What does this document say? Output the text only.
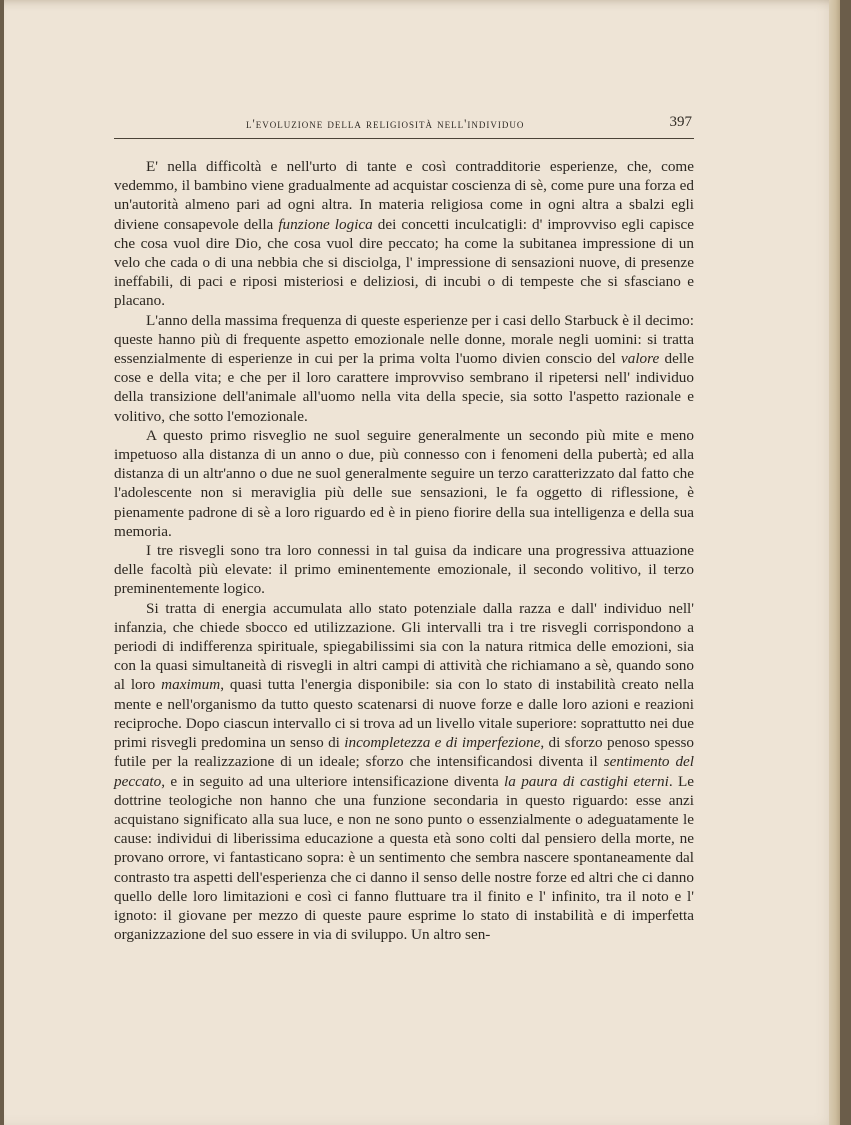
l'evoluzione della religiosità nell'individuo	397

E' nella difficoltà e nell'urto di tante e così contradditorie esperienze, che, come vedemmo, il bambino viene gradualmente ad acquistar coscienza di sè, come pure una forza ed un'autorità almeno pari ad ogni altra. In materia religiosa come in ogni altra a sbalzi egli diviene consapevole della funzione logica dei concetti inculcatigli: d' improvviso egli capisce che cosa vuol dire Dio, che cosa vuol dire peccato; ha come la subitanea impressione di un velo che cada o di una nebbia che si disciolga, l' impressione di sensazioni nuove, di presenze ineffabili, di paci e riposi misteriosi e deliziosi, di incubi o di tempeste che si sfasciano e placano.

L'anno della massima frequenza di queste esperienze per i casi dello Starbuck è il decimo: queste hanno più di frequente aspetto emozionale nelle donne, morale negli uomini: si tratta essenzialmente di esperienze in cui per la prima volta l'uomo divien conscio del valore delle cose e della vita; e che per il loro carattere improvviso sembrano il ripetersi nell' individuo della transizione dell'animale all'uomo nella vita della specie, sia sotto l'aspetto razionale e volitivo, che sotto l'emozionale.

A questo primo risveglio ne suol seguire generalmente un secondo più mite e meno impetuoso alla distanza di un anno o due, più connesso con i fenomeni della pubertà; ed alla distanza di un altr'anno o due ne suol generalmente seguire un terzo caratterizzato dal fatto che l'adolescente non si meraviglia più delle sue sensazioni, le fa oggetto di riflessione, è pienamente padrone di sè a loro riguardo ed è in pieno fiorire della sua intelligenza e della sua memoria.

I tre risvegli sono tra loro connessi in tal guisa da indicare una progressiva attuazione delle facoltà più elevate: il primo eminentemente emozionale, il secondo volitivo, il terzo preminentemente logico.

Si tratta di energia accumulata allo stato potenziale dalla razza e dall' individuo nell' infanzia, che chiede sbocco ed utilizzazione. Gli intervalli tra i tre risvegli corrispondono a periodi di indifferenza spirituale, spiegabilissimi sia con la natura ritmica delle emozioni, sia con la quasi simultaneità di risvegli in altri campi di attività che richiamano a sè, quando sono al loro maximum, quasi tutta l'energia disponibile: sia con lo stato di instabilità creato nella mente e nell'organismo da tutto questo scatenarsi di nuove forze e dalle loro azioni e reazioni reciproche. Dopo ciascun intervallo ci si trova ad un livello vitale superiore: soprattutto nei due primi risvegli predomina un senso di incompletezza e di imperfezione, di sforzo penoso spesso futile per la realizzazione di un ideale; sforzo che intensificandosi diventa il sentimento del peccato, e in seguito ad una ulteriore intensificazione diventa la paura di castighi eterni. Le dottrine teologiche non hanno che una funzione secondaria in questo riguardo: esse anzi acquistano significato alla sua luce, e non ne sono punto o essenzialmente o adeguatamente le cause: individui di liberissima educazione a questa età sono colti dal pensiero della morte, ne provano orrore, vi fantasticano sopra: è un sentimento che sembra nascere spontaneamente dal contrasto tra aspetti dell'esperienza che ci danno il senso delle nostre forze ed altri che ci danno quello delle loro limitazioni e così ci fanno fluttuare tra il finito e l' infinito, tra il noto e l' ignoto: il giovane per mezzo di queste paure esprime lo stato di instabilità e di imperfetta organizzazione del suo essere in via di sviluppo. Un altro sen-
